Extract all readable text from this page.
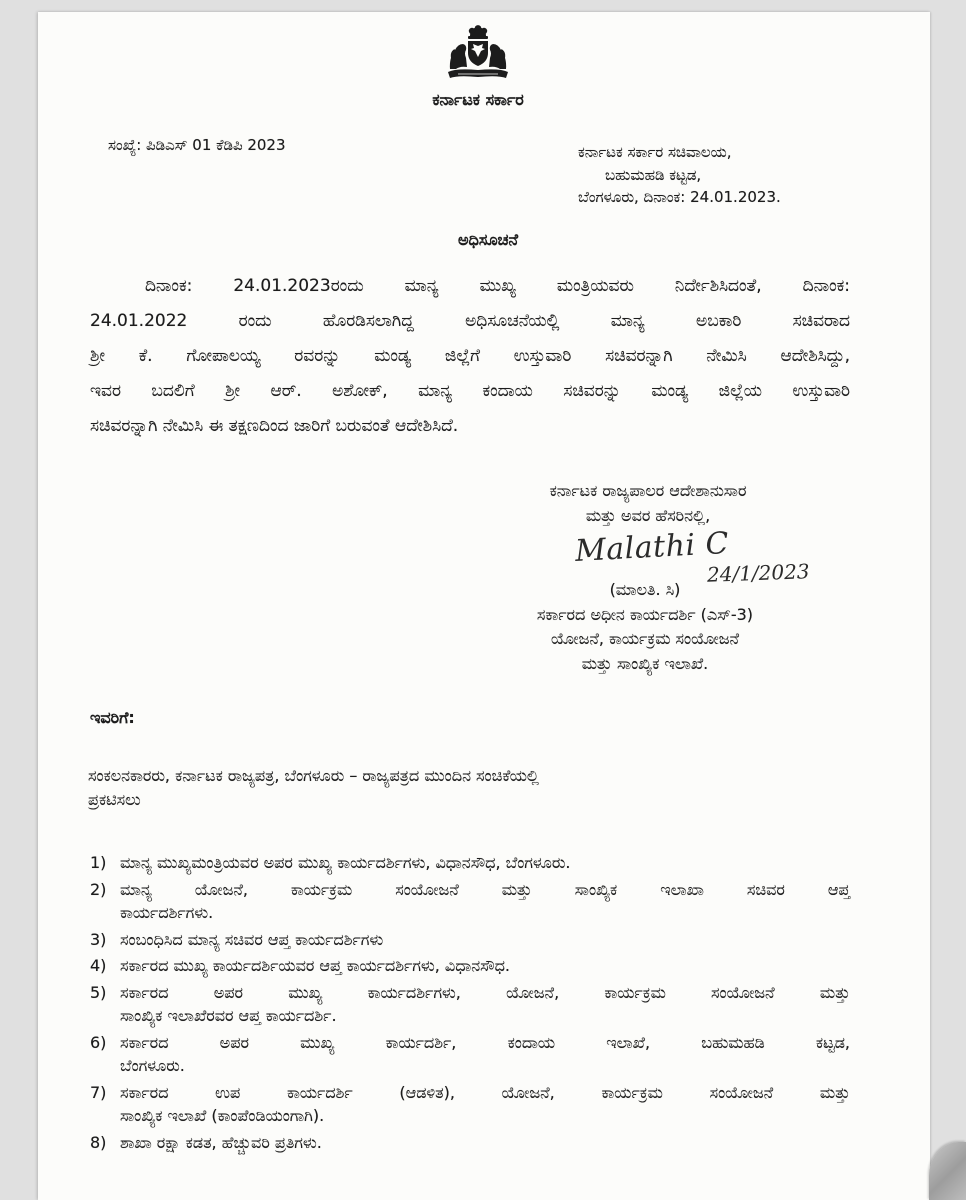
ಕರ್ನಾಟಕ ಸರ್ಕಾರ
ಸಂಖ್ಯೆ: ಪಿಡಿಎಸ್ 01 ಕೆಡಿಪಿ 2023	ಕರ್ನಾಟಕ ಸರ್ಕಾರ ಸಚಿವಾಲಯ,
ಬಹುಮಹಡಿ ಕಟ್ಟಡ,
ಬೆಂಗಳೂರು, ದಿನಾಂಕ: 24.01.2023.
ಅಧಿಸೂಚನೆ
ದಿನಾಂಕ: 24.01.2023ರಂದು ಮಾನ್ಯ ಮುಖ್ಯ ಮಂತ್ರಿಯವರು ನಿರ್ದೇಶಿಸಿದಂತೆ, ದಿನಾಂಕ:
24.01.2022 ರಂದು ಹೊರಡಿಸಲಾಗಿದ್ದ ಅಧಿಸೂಚನೆಯಲ್ಲಿ ಮಾನ್ಯ ಅಬಕಾರಿ ಸಚಿವರಾದ
ಶ್ರೀ ಕೆ. ಗೋಪಾಲಯ್ಯ ರವರನ್ನು ಮಂಡ್ಯ ಜಿಲ್ಲೆಗೆ ಉಸ್ತುವಾರಿ ಸಚಿವರನ್ನಾಗಿ ನೇಮಿಸಿ ಆದೇಶಿಸಿದ್ದು,
ಇವರ ಬದಲಿಗೆ ಶ್ರೀ ಆರ್. ಅಶೋಕ್, ಮಾನ್ಯ ಕಂದಾಯ ಸಚಿವರನ್ನು ಮಂಡ್ಯ ಜಿಲ್ಲೆಯ ಉಸ್ತುವಾರಿ
ಸಚಿವರನ್ನಾಗಿ ನೇಮಿಸಿ ಈ ತಕ್ಷಣದಿಂದ ಜಾರಿಗೆ ಬರುವಂತೆ ಆದೇಶಿಸಿದೆ.
ಕರ್ನಾಟಕ ರಾಜ್ಯಪಾಲರ ಆದೇಶಾನುಸಾರ
ಮತ್ತು ಅವರ ಹೆಸರಿನಲ್ಲಿ,
Malathi C
24/1/2023
(ಮಾಲತಿ. ಸಿ)
ಸರ್ಕಾರದ ಅಧೀನ ಕಾರ್ಯದರ್ಶಿ (ಎಸ್-3)
ಯೋಜನೆ, ಕಾರ್ಯಕ್ರಮ ಸಂಯೋಜನೆ
ಮತ್ತು ಸಾಂಖ್ಯಿಕ ಇಲಾಖೆ.
ಇವರಿಗೆ:
ಸಂಕಲನಕಾರರು, ಕರ್ನಾಟಕ ರಾಜ್ಯಪತ್ರ, ಬೆಂಗಳೂರು – ರಾಜ್ಯಪತ್ರದ ಮುಂದಿನ ಸಂಚಿಕೆಯಲ್ಲಿ
ಪ್ರಕಟಿಸಲು
1) ಮಾನ್ಯ ಮುಖ್ಯಮಂತ್ರಿಯವರ ಅಪರ ಮುಖ್ಯ ಕಾರ್ಯದರ್ಶಿಗಳು, ವಿಧಾನಸೌಧ, ಬೆಂಗಳೂರು.
2) ಮಾನ್ಯ ಯೋಜನೆ, ಕಾರ್ಯಕ್ರಮ ಸಂಯೋಜನೆ ಮತ್ತು ಸಾಂಖ್ಯಿಕ ಇಲಾಖಾ ಸಚಿವರ ಆಪ್ತ
ಕಾರ್ಯದರ್ಶಿಗಳು.
3) ಸಂಬಂಧಿಸಿದ ಮಾನ್ಯ ಸಚಿವರ ಆಪ್ತ ಕಾರ್ಯದರ್ಶಿಗಳು
4) ಸರ್ಕಾರದ ಮುಖ್ಯ ಕಾರ್ಯದರ್ಶಿಯವರ ಆಪ್ತ ಕಾರ್ಯದರ್ಶಿಗಳು, ವಿಧಾನಸೌಧ.
5) ಸರ್ಕಾರದ ಅಪರ ಮುಖ್ಯ ಕಾರ್ಯದರ್ಶಿಗಳು, ಯೋಜನೆ, ಕಾರ್ಯಕ್ರಮ ಸಂಯೋಜನೆ ಮತ್ತು
ಸಾಂಖ್ಯಿಕ ಇಲಾಖೆರವರ ಆಪ್ತ ಕಾರ್ಯದರ್ಶಿ.
6) ಸರ್ಕಾರದ ಅಪರ ಮುಖ್ಯ ಕಾರ್ಯದರ್ಶಿ, ಕಂದಾಯ ಇಲಾಖೆ, ಬಹುಮಹಡಿ ಕಟ್ಟಡ,
ಬೆಂಗಳೂರು.
7) ಸರ್ಕಾರದ ಉಪ ಕಾರ್ಯದರ್ಶಿ (ಆಡಳಿತ), ಯೋಜನೆ, ಕಾರ್ಯಕ್ರಮ ಸಂಯೋಜನೆ ಮತ್ತು
ಸಾಂಖ್ಯಿಕ ಇಲಾಖೆ (ಕಾಂಪೆಂಡಿಯಂಗಾಗಿ).
8) ಶಾಖಾ ರಕ್ಷಾ ಕಡತ, ಹೆಚ್ಚುವರಿ ಪ್ರತಿಗಳು.
